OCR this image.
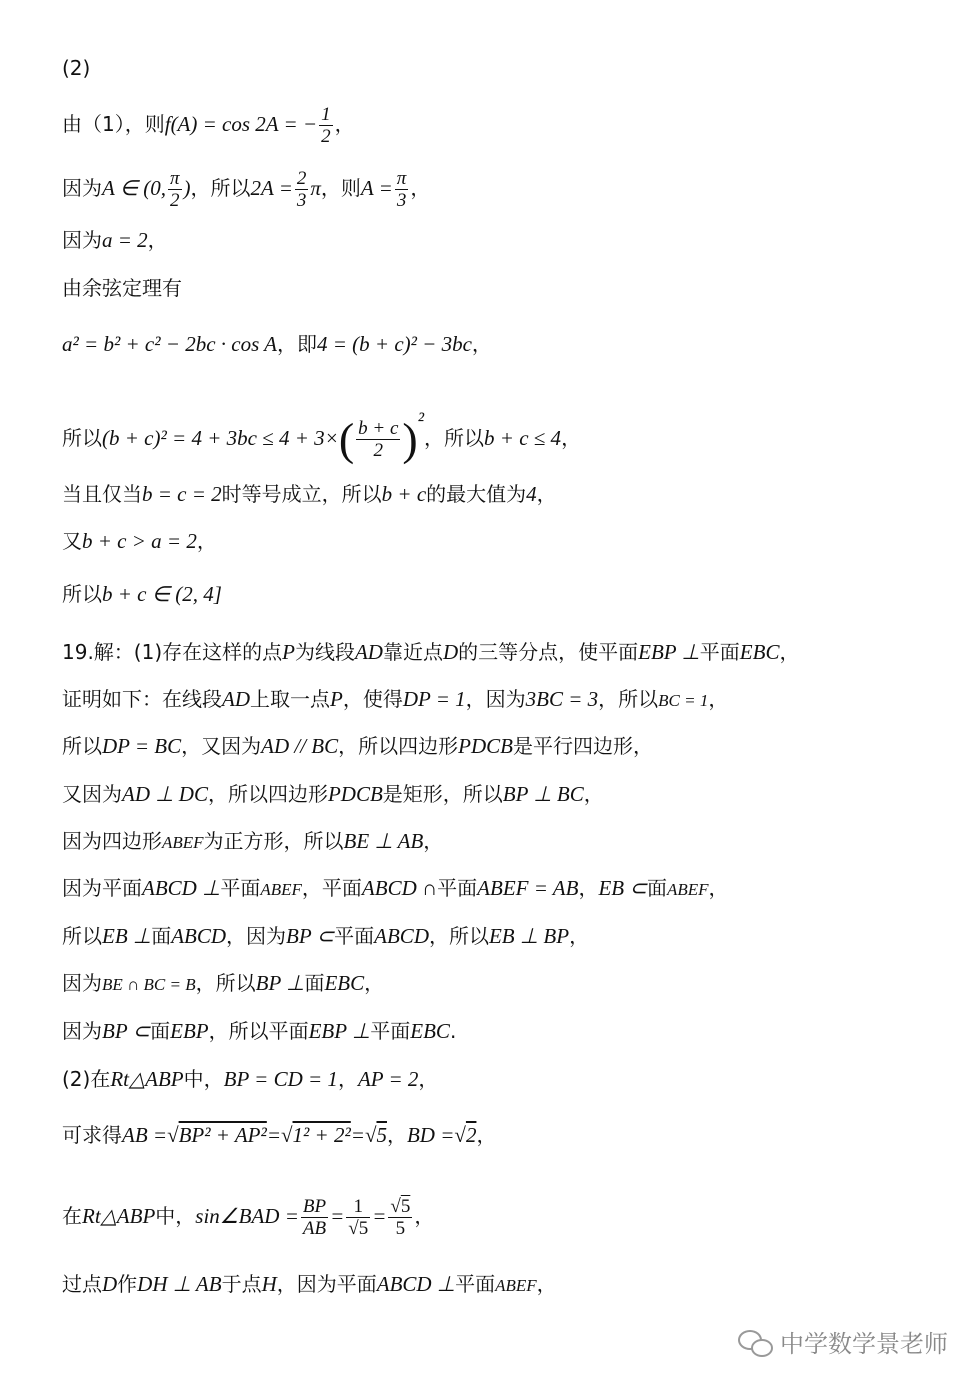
(2)
由（1），则f(A) = cos 2A = − $\frac{1}{2}$ ，
因为A ∈ (0, $\frac{\pi}{2}$ )，所以$2A = \frac{2}{3}$ π，则$A = \frac{\pi}{3}$ ，
因为a = 2，
由余弦定理有
a² = b² + c² − 2bc · cos A，即4 = (b + c)² − 3bc，
所以$(b + c)^2 = 4 + 3bc \le 4 + 3\times( \frac{b + c}{2} )^2$，所以b + c ≤ 4，
当且仅当b = c = 2时等号成立，所以b + c的最大值为4，
又b + c > a = 2，
所以b + c ∈ (2, 4]
19.解：(1)存在这样的点P为线段AD靠近点D的三等分点，使平面EBP ⊥平面EBC，
证明如下：在线段AD上取一点P，使得DP = 1，因为3BC = 3，所以BC = 1，
所以DP = BC，又因为AD // BC，所以四边形PDCB是平行四边形，
又因为AD ⊥ DC，所以四边形PDCB是矩形，所以BP ⊥ BC，
因为四边形ABEF为正方形，所以BE ⊥ AB，
因为平面ABCD ⊥平面ABEF，平面ABCD ∩平面ABEF = AB，EB ⊂面ABEF，
所以EB ⊥面ABCD，因为BP ⊂平面ABCD，所以EB ⊥ BP，
因为BE ∩ BC = B，所以BP ⊥面EBC，
因为BP ⊂面EBP，所以平面EBP ⊥平面EBC.
(2)在Rt△ABP中，BP = CD = 1，AP = 2，
可求得AB =√BP² + AP²=√1² + 2²=√5，BD =√2，
在Rt△ABP中，sin∠BAD = $\frac{BP}{AB} = \frac{1}{√5} = \frac{√5}{5}$ ，
过点D作DH ⊥ AB于点H，因为平面ABCD ⊥平面ABEF，
中学数学景老师
